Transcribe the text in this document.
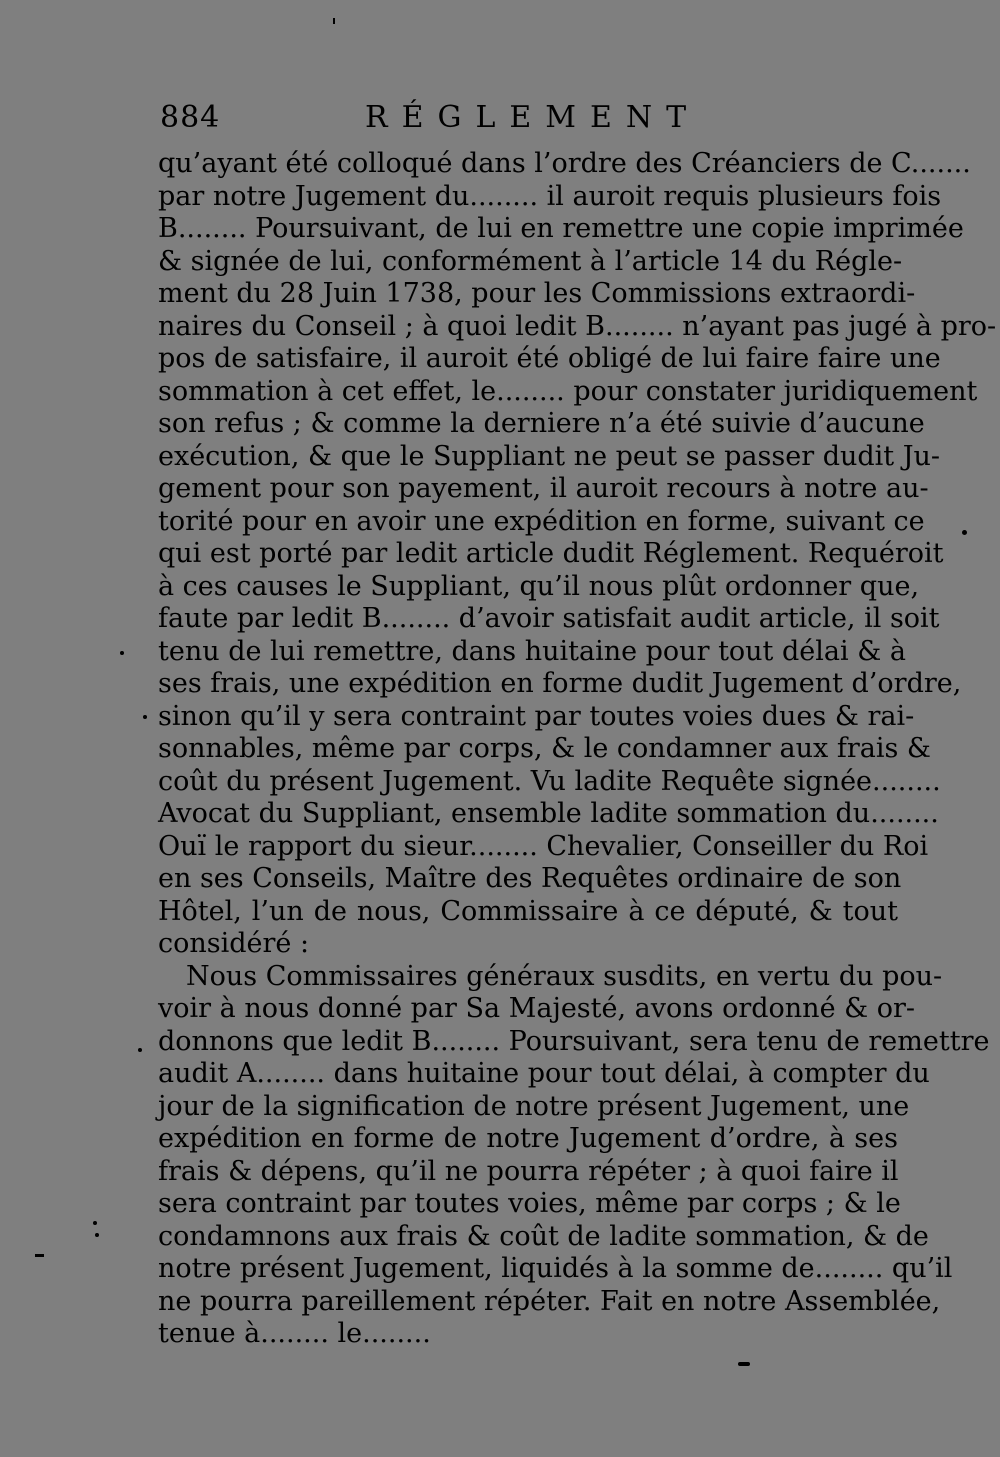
884	RÉGLEMENT
qu’ayant été colloqué dans l’ordre des Créanciers de C.......
par notre Jugement du........ il auroit requis plusieurs fois
B........ Poursuivant, de lui en remettre une copie imprimée
& signée de lui, conformément à l’article 14 du Régle-
ment du 28 Juin 1738, pour les Commissions extraordi-
naires du Conseil ; à quoi ledit B........ n’ayant pas jugé à pro-
pos de satisfaire, il auroit été obligé de lui faire faire une
sommation à cet effet, le........ pour constater juridiquement
son refus ; & comme la derniere n’a été suivie d’aucune
exécution, & que le Suppliant ne peut se passer dudit Ju-
gement pour son payement, il auroit recours à notre au-
torité pour en avoir une expédition en forme, suivant ce
qui est porté par ledit article dudit Réglement. Requéroit
à ces causes le Suppliant, qu’il nous plût ordonner que,
faute par ledit B........ d’avoir satisfait audit article, il soit
tenu de lui remettre, dans huitaine pour tout délai & à
ses frais, une expédition en forme dudit Jugement d’ordre,
sinon qu’il y sera contraint par toutes voies dues & rai-
sonnables, même par corps, & le condamner aux frais &
coût du présent Jugement. Vu ladite Requête signée........
Avocat du Suppliant, ensemble ladite sommation du........
Ouï le rapport du sieur........ Chevalier, Conseiller du Roi
en ses Conseils, Maître des Requêtes ordinaire de son
Hôtel, l’un de nous, Commissaire à ce député, & tout
considéré :
Nous Commissaires généraux susdits, en vertu du pou-
voir à nous donné par Sa Majesté, avons ordonné & or-
donnons que ledit B........ Poursuivant, sera tenu de remettre
audit A........ dans huitaine pour tout délai, à compter du
jour de la signification de notre présent Jugement, une
expédition en forme de notre Jugement d’ordre, à ses
frais & dépens, qu’il ne pourra répéter ; à quoi faire il
sera contraint par toutes voies, même par corps ; & le
condamnons aux frais & coût de ladite sommation, & de
notre présent Jugement, liquidés à la somme de........ qu’il
ne pourra pareillement répéter. Fait en notre Assemblée,
tenue à........ le........
